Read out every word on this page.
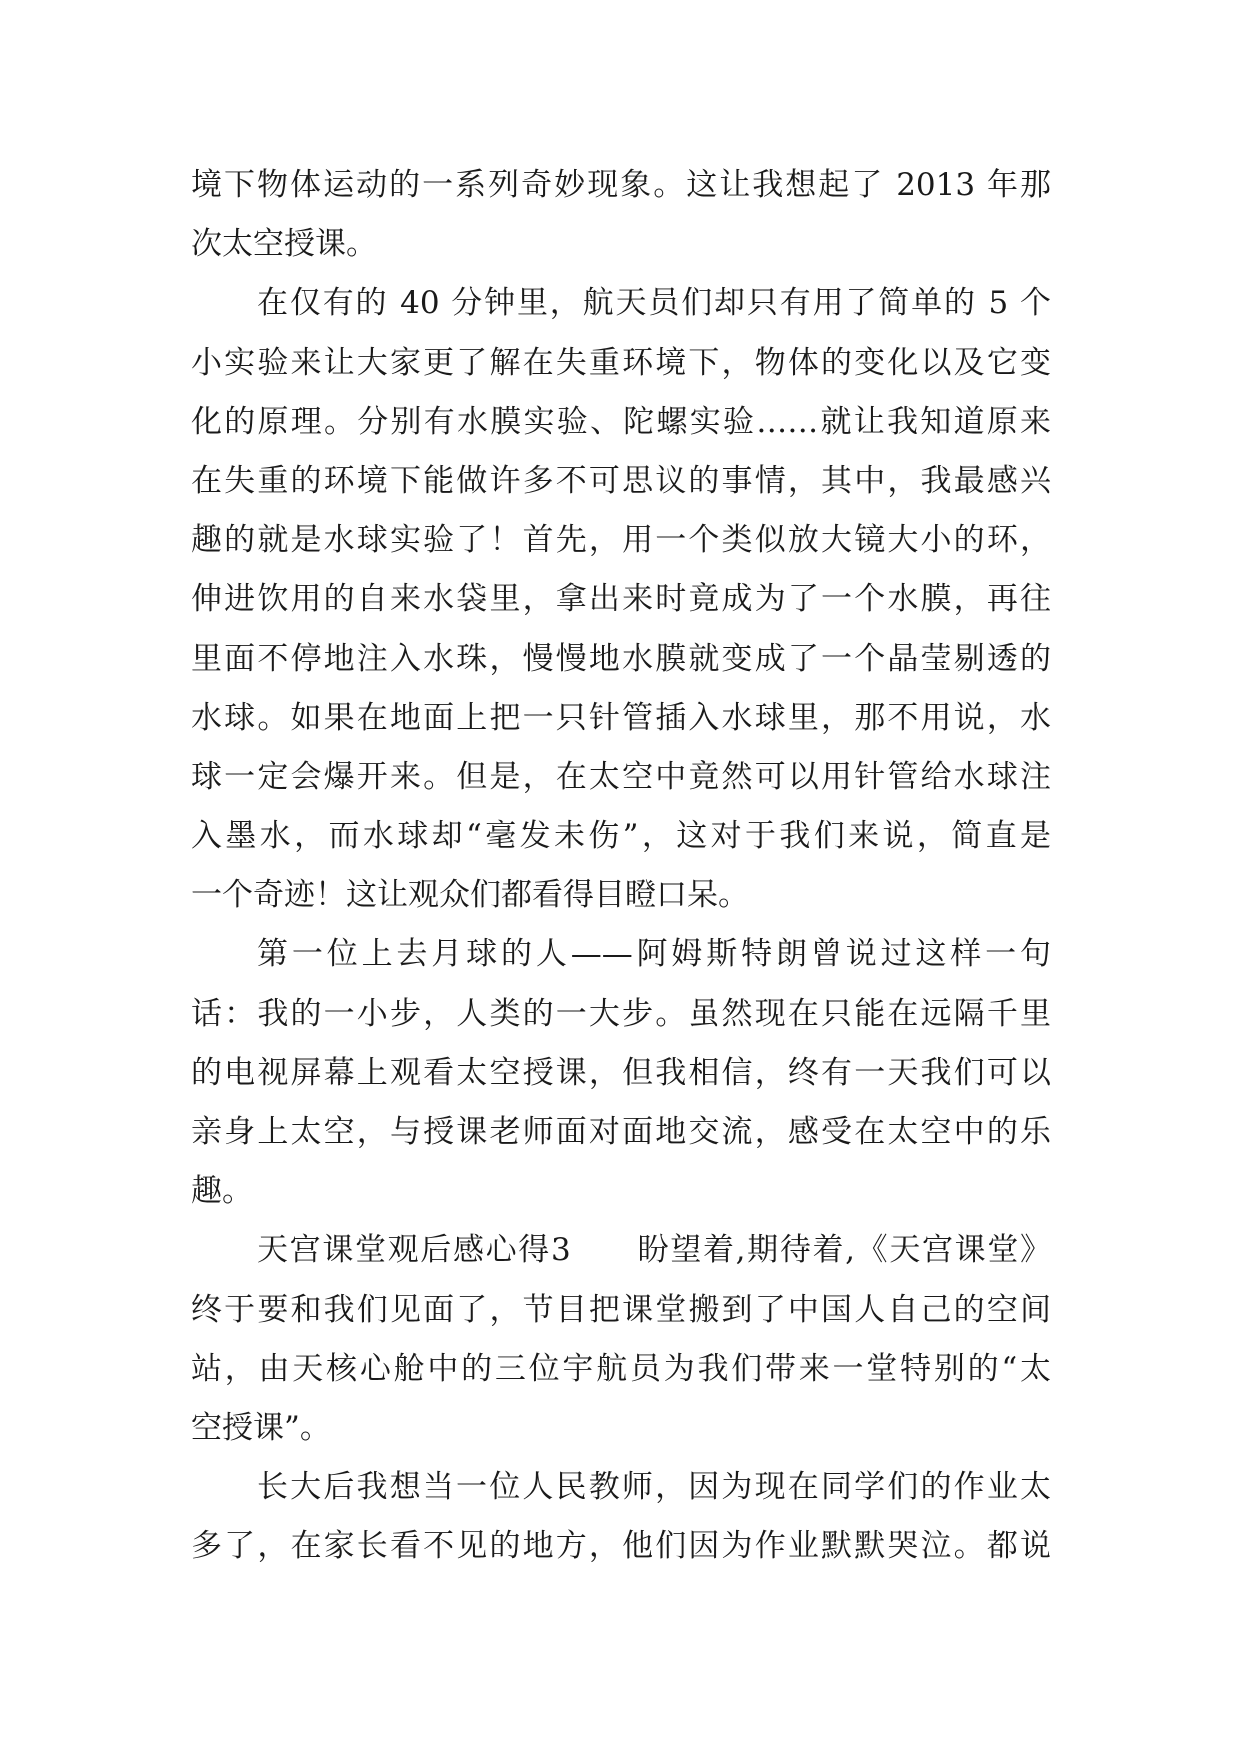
境下物体运动的一系列奇妙现象。这让我想起了 2013 年那
次太空授课。
在仅有的 40 分钟里，航天员们却只有用了简单的 5 个
小实验来让大家更了解在失重环境下，物体的变化以及它变
化的原理。分别有水膜实验、陀螺实验……就让我知道原来
在失重的环境下能做许多不可思议的事情，其中，我最感兴
趣的就是水球实验了！首先，用一个类似放大镜大小的环，
伸进饮用的自来水袋里，拿出来时竟成为了一个水膜，再往
里面不停地注入水珠，慢慢地水膜就变成了一个晶莹剔透的
水球。如果在地面上把一只针管插入水球里，那不用说，水
球一定会爆开来。但是，在太空中竟然可以用针管给水球注
入墨水，而水球却“毫发未伤”，这对于我们来说，简直是
一个奇迹！这让观众们都看得目瞪口呆。
第一位上去月球的人——阿姆斯特朗曾说过这样一句
话：我的一小步，人类的一大步。虽然现在只能在远隔千里
的电视屏幕上观看太空授课，但我相信，终有一天我们可以
亲身上太空，与授课老师面对面地交流，感受在太空中的乐
趣。
天宫课堂观后感心得3　　盼望着,期待着,《天宫课堂》
终于要和我们见面了，节目把课堂搬到了中国人自己的空间
站，由天核心舱中的三位宇航员为我们带来一堂特别的“太
空授课”。
长大后我想当一位人民教师，因为现在同学们的作业太
多了，在家长看不见的地方，他们因为作业默默哭泣。都说
